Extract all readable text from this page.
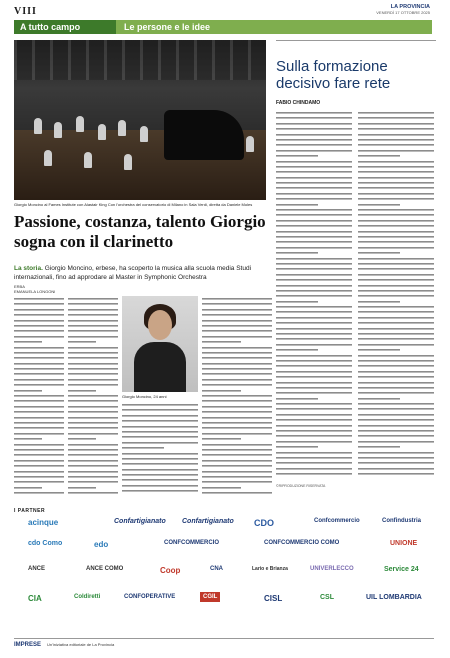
VIII	LA PROVINCIA
VENERDÌ 17 OTTOBRE 2025
A tutto campo	Le persone e le idee
Giorgio Moncino al Fames Institute con Alastair King Con l'orchestra del conservatorio di Milano in Sala Verdi, diretta da Daniele Moles
Sulla formazione decisivo fare rete
FABIO CHINDAMO
Passione, costanza, talento Giorgio sogna con il clarinetto
La storia. Giorgio Moncino, erbese, ha scoperto la musica alla scuola media Studi internazionali, fino ad approdare al Master in Symphonic Orchestra
ERBA
EMANUELA LONGONI
Giorgio Moncino, 24 anni
©RIPRODUZIONE RISERVATA
I PARTNER
acinque	Confartigianato Confartigianato CDO	Confcommercio	Confindustria
cdo Como	edo	CONFCOMMERCIO	CONFCOMMERCIO COMO	UNIONE
ANCE	ANCE COMO	Coop	CNA	Lario e Brianza	UNIVERLECCO	Service 24
CIA	Coldiretti	CONFOPERATIVE	CGIL	CISL	CSL	UIL LOMBARDIA
IMPRESE Un'iniziativa editoriale de La Provincia
